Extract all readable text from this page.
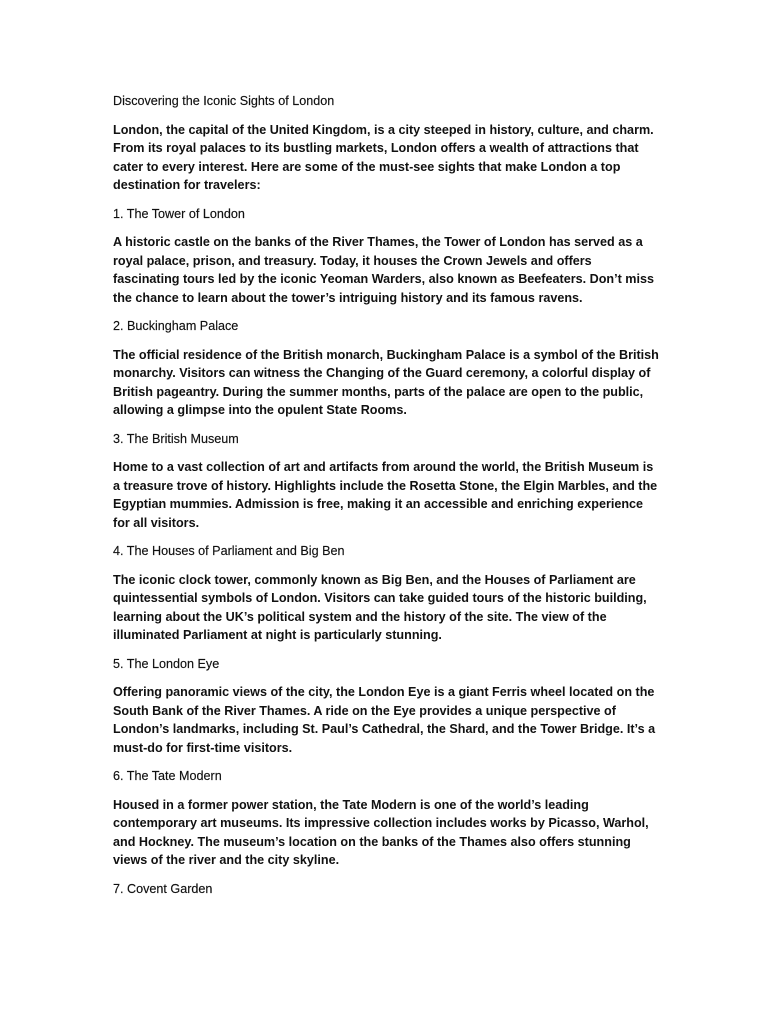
Discovering the Iconic Sights of London

London, the capital of the United Kingdom, is a city steeped in history, culture, and charm. From its royal palaces to its bustling markets, London offers a wealth of attractions that cater to every interest. Here are some of the must-see sights that make London a top destination for travelers:

1. The Tower of London

A historic castle on the banks of the River Thames, the Tower of London has served as a royal palace, prison, and treasury. Today, it houses the Crown Jewels and offers fascinating tours led by the iconic Yeoman Warders, also known as Beefeaters. Don’t miss the chance to learn about the tower’s intriguing history and its famous ravens.

2. Buckingham Palace

The official residence of the British monarch, Buckingham Palace is a symbol of the British monarchy. Visitors can witness the Changing of the Guard ceremony, a colorful display of British pageantry. During the summer months, parts of the palace are open to the public, allowing a glimpse into the opulent State Rooms.

3. The British Museum

Home to a vast collection of art and artifacts from around the world, the British Museum is a treasure trove of history. Highlights include the Rosetta Stone, the Elgin Marbles, and the Egyptian mummies. Admission is free, making it an accessible and enriching experience for all visitors.

4. The Houses of Parliament and Big Ben

The iconic clock tower, commonly known as Big Ben, and the Houses of Parliament are quintessential symbols of London. Visitors can take guided tours of the historic building, learning about the UK’s political system and the history of the site. The view of the illuminated Parliament at night is particularly stunning.

5. The London Eye

Offering panoramic views of the city, the London Eye is a giant Ferris wheel located on the South Bank of the River Thames. A ride on the Eye provides a unique perspective of London’s landmarks, including St. Paul’s Cathedral, the Shard, and the Tower Bridge. It’s a must-do for first-time visitors.

6. The Tate Modern

Housed in a former power station, the Tate Modern is one of the world’s leading contemporary art museums. Its impressive collection includes works by Picasso, Warhol, and Hockney. The museum’s location on the banks of the Thames also offers stunning views of the river and the city skyline.

7. Covent Garden
